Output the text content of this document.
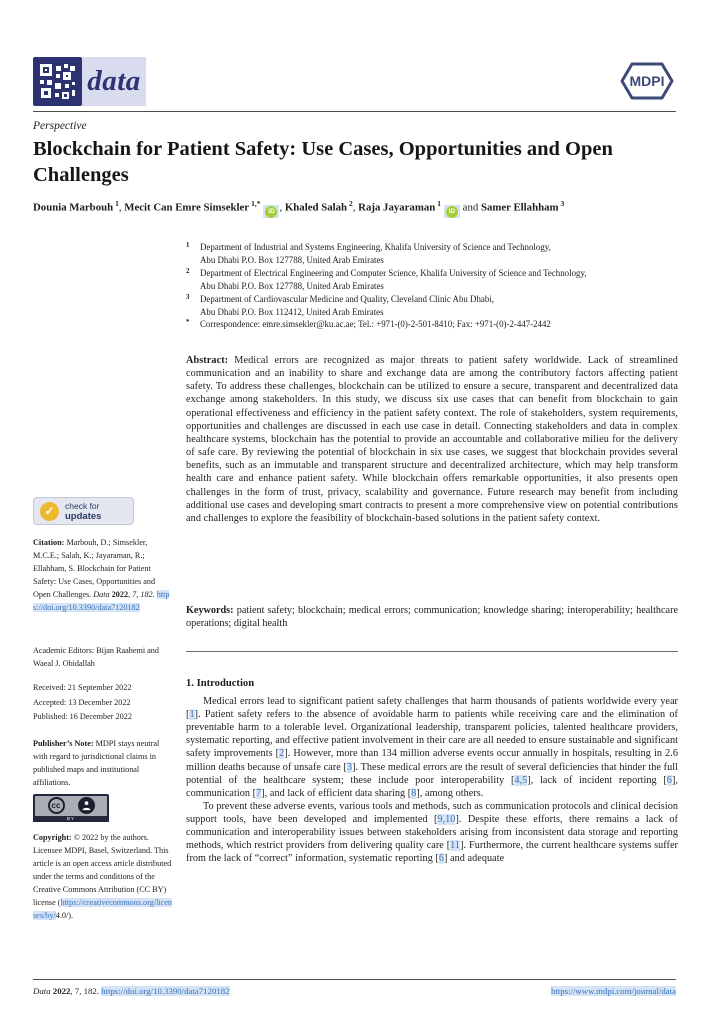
data	MDPI
Perspective
Blockchain for Patient Safety: Use Cases, Opportunities and Open Challenges
Dounia Marbouh $^1$, Mecit Can Emre Simsekler $^{1,*}$iD , Khaled Salah $^2$, Raja Jayaraman $^1$iD and Samer Ellahham $^3$
1	Department of Industrial and Systems Engineering, Khalifa University of Science and Technology,
Abu Dhabi P.O. Box 127788, United Arab Emirates
2	Department of Electrical Engineering and Computer Science, Khalifa University of Science and Technology,
Abu Dhabi P.O. Box 127788, United Arab Emirates
3	Department of Cardiovascular Medicine and Quality, Cleveland Clinic Abu Dhabi,
Abu Dhabi P.O. Box 112412, United Arab Emirates
*	Correspondence: emre.simsekler@ku.ac.ae; Tel.: +971-(0)-2-501-8410; Fax: +971-(0)-2-447-2442
Abstract: Medical errors are recognized as major threats to patient safety worldwide. Lack of streamlined communication and an inability to share and exchange data are among the contributory factors affecting patient safety. To address these challenges, blockchain can be utilized to ensure a secure, transparent and decentralized data exchange among stakeholders. In this study, we discuss six use cases that can benefit from blockchain to gain operational effectiveness and efficiency in the patient safety context. The role of stakeholders, system requirements, opportunities and challenges are discussed in each use case in detail. Connecting stakeholders and data in complex healthcare systems, blockchain has the potential to provide an accountable and collaborative milieu for the delivery of safe care. By reviewing the potential of blockchain in six use cases, we suggest that blockchain provides several benefits, such as an immutable and transparent structure and decentralized architecture, which may help transform health care and enhance patient safety. While blockchain offers remarkable opportunities, it also presents open challenges in the form of trust, privacy, scalability and governance. Future research may benefit from including additional use cases and developing smart contracts to present a more comprehensive view on potential contributions and challenges to explore the feasibility of blockchain-based solutions in the patient safety context.
Keywords: patient safety; blockchain; medical errors; communication; knowledge sharing; interoperability; healthcare operations; digital health
1. Introduction

Medical errors lead to significant patient safety challenges that harm thousands of patients worldwide every year [1]. Patient safety refers to the absence of avoidable harm to patients while receiving care and the elimination of preventable harm to a tolerable level. Organizational leadership, transparent policies, talented healthcare providers, systematic reporting, and effective patient involvement in their care are all needed to ensure sustainable and significant safety improvements [2]. However, more than 134 million adverse events occur annually in hospitals, resulting in 2.6 million deaths because of unsafe care [3]. These medical errors are the result of several deficiencies that hinder the full potential of the healthcare system; these include poor interoperability [4,5], lack of incident reporting [6], communication [7], and lack of efficient data sharing [8], among others.

To prevent these adverse events, various tools and methods, such as communication protocols and clinical decision support tools, have been developed and implemented [9,10]. Despite these efforts, there remains a lack of communication and interoperability issues between stakeholders arising from inconsistent data storage and reporting methods, which restrict providers from delivering quality care [11]. Furthermore, the current healthcare systems suffer from the lack of “correct” information, systematic reporting [6] and adequate

✓	check for
updates
Citation: Marbouh, D.; Simsekler, M.C.E.; Salah, K.; Jayaraman, R.; Ellahham, S. Blockchain for Patient Safety: Use Cases, Opportunities and Open Challenges. Data 2022, 7, 182. https://doi.org/10.3390/data7120182
Academic Editors: Bijan Raahemi and Waeal J. Obidallah
Received: 21 September 2022
Accepted: 13 December 2022
Published: 16 December 2022
Publisher’s Note: MDPI stays neutral with regard to jurisdictional claims in published maps and institutional affiliations.
cc
BY
Copyright: © 2022 by the authors. Licensee MDPI, Basel, Switzerland. This article is an open access article distributed under the terms and conditions of the Creative Commons Attribution (CC BY) license (https://creativecommons.org/licenses/by/4.0/).
Data 2022, 7, 182. https://doi.org/10.3390/data7120182	https://www.mdpi.com/journal/data
